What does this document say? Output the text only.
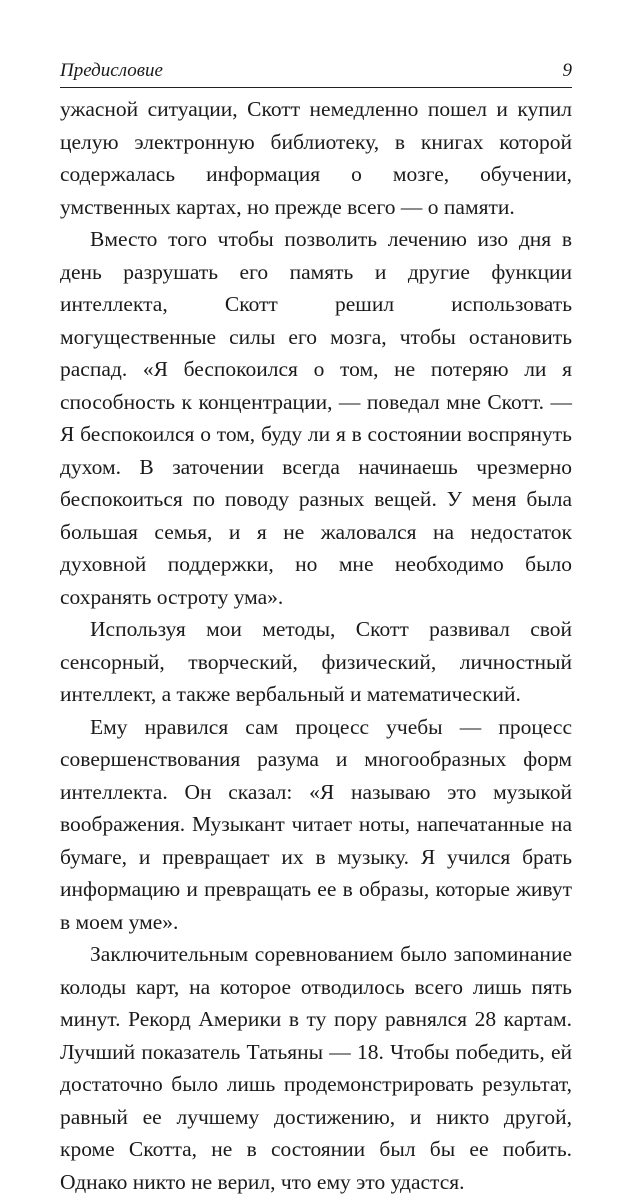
Предисловие	9

ужасной ситуации, Скотт немедленно пошел и купил целую электронную библиотеку, в книгах которой содержалась информация о мозге, обучении, умственных картах, но прежде всего — о памяти.

Вместо того чтобы позволить лечению изо дня в день разрушать его память и другие функции интеллекта, Скотт решил использовать могущественные силы его мозга, чтобы остановить распад. «Я беспокоился о том, не потеряю ли я способность к концентрации, — поведал мне Скотт. — Я беспокоился о том, буду ли я в состоянии воспрянуть духом. В заточении всегда начинаешь чрезмерно беспокоиться по поводу разных вещей. У меня была большая семья, и я не жаловался на недостаток духовной поддержки, но мне необходимо было сохранять остроту ума».

Используя мои методы, Скотт развивал свой сенсорный, творческий, физический, личностный интеллект, а также вербальный и математический.

Ему нравился сам процесс учебы — процесс совершенствования разума и многообразных форм интеллекта. Он сказал: «Я называю это музыкой воображения. Музыкант читает ноты, напечатанные на бумаге, и превращает их в музыку. Я учился брать информацию и превращать ее в образы, которые живут в моем уме».

Заключительным соревнованием было запоминание колоды карт, на которое отводилось всего лишь пять минут. Рекорд Америки в ту пору равнялся 28 картам. Лучший показатель Татьяны — 18. Чтобы победить, ей достаточно было лишь продемонстрировать результат, равный ее лучшему достижению, и никто другой, кроме Скотта, не в состоянии был бы ее побить. Однако никто не верил, что ему это удастся.
